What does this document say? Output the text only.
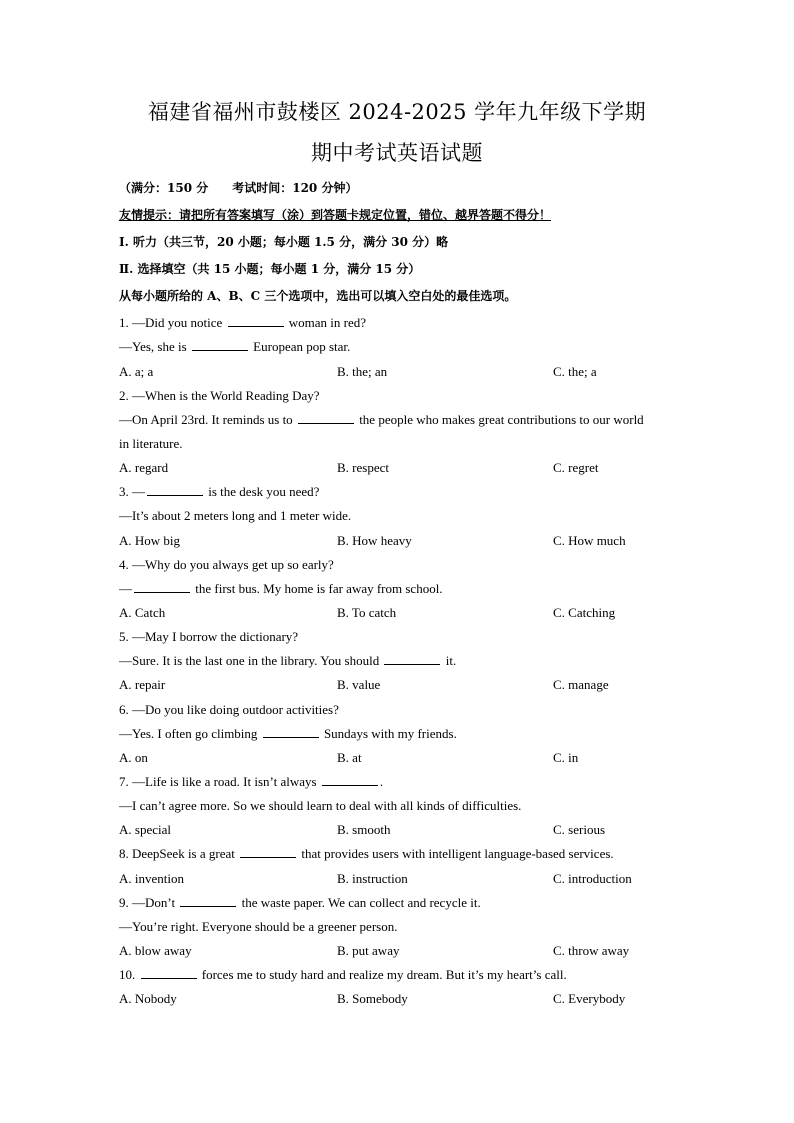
福建省福州市鼓楼区 2024-2025 学年九年级下学期
期中考试英语试题
（满分：150 分　　考试时间：120 分钟）
友情提示：请把所有答案填写（涂）到答题卡规定位置，错位、越界答题不得分！
Ⅰ. 听力（共三节，20 小题；每小题 1.5 分，满分 30 分）略
Ⅱ. 选择填空（共 15 小题；每小题 1 分，满分 15 分）
从每小题所给的 A、B、C 三个选项中，选出可以填入空白处的最佳选项。
1. —Did you notice	woman in red?
—Yes, she is	European pop star.
A. a; a	B. the; an	C. the; a
2. —When is the World Reading Day?
—On April 23rd. It reminds us to	the people who makes great contributions to our world
in literature.
A. regard	B. respect	C. regret
3. —	is the desk you need?
—It’s about 2 meters long and 1 meter wide.
A. How big	B. How heavy	C. How much
4. —Why do you always get up so early?
—	the first bus. My home is far away from school.
A. Catch	B. To catch	C. Catching
5. —May I borrow the dictionary?
—Sure. It is the last one in the library. You should	it.
A. repair	B. value	C. manage
6. —Do you like doing outdoor activities?
—Yes. I often go climbing	Sundays with my friends.
A. on	B. at	C. in
7. —Life is like a road. It isn’t always	.
—I can’t agree more. So we should learn to deal with all kinds of difficulties.
A. special	B. smooth	C. serious
8. DeepSeek is a great	that provides users with intelligent language-based services.
A. invention	B. instruction	C. introduction
9. —Don’t	the waste paper. We can collect and recycle it.
—You’re right. Everyone should be a greener person.
A. blow away	B. put away	C. throw away
10.	forces me to study hard and realize my dream. But it’s my heart’s call.
A. Nobody	B. Somebody	C. Everybody
